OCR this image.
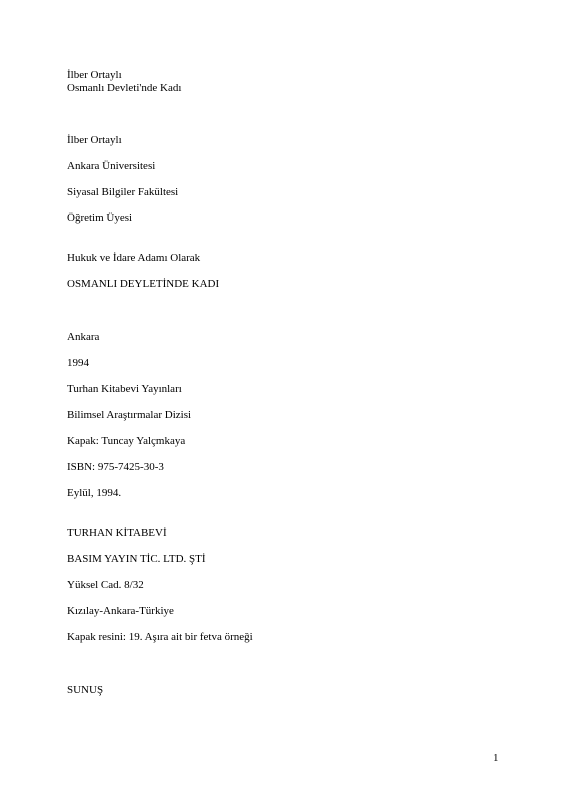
İlber Ortaylı
Osmanlı Devleti'nde Kadı
İlber Ortaylı
Ankara Üniversitesi
Siyasal Bilgiler Fakültesi
Öğretim Üyesi
Hukuk ve İdare Adamı Olarak
OSMANLI DEYLETİNDE KADI
Ankara
1994
Turhan Kitabevi Yayınları
Bilimsel Araştırmalar Dizisi
Kapak: Tuncay Yalçmkaya
ISBN: 975-7425-30-3
Eylül, 1994.
TURHAN KİTABEVİ
BASIM YAYIN TİC. LTD. ŞTİ
Yüksel Cad. 8/32
Kızılay-Ankara-Türkiye
Kapak resini: 19. Aşıra ait bir fetva örneği
SUNUŞ
1
